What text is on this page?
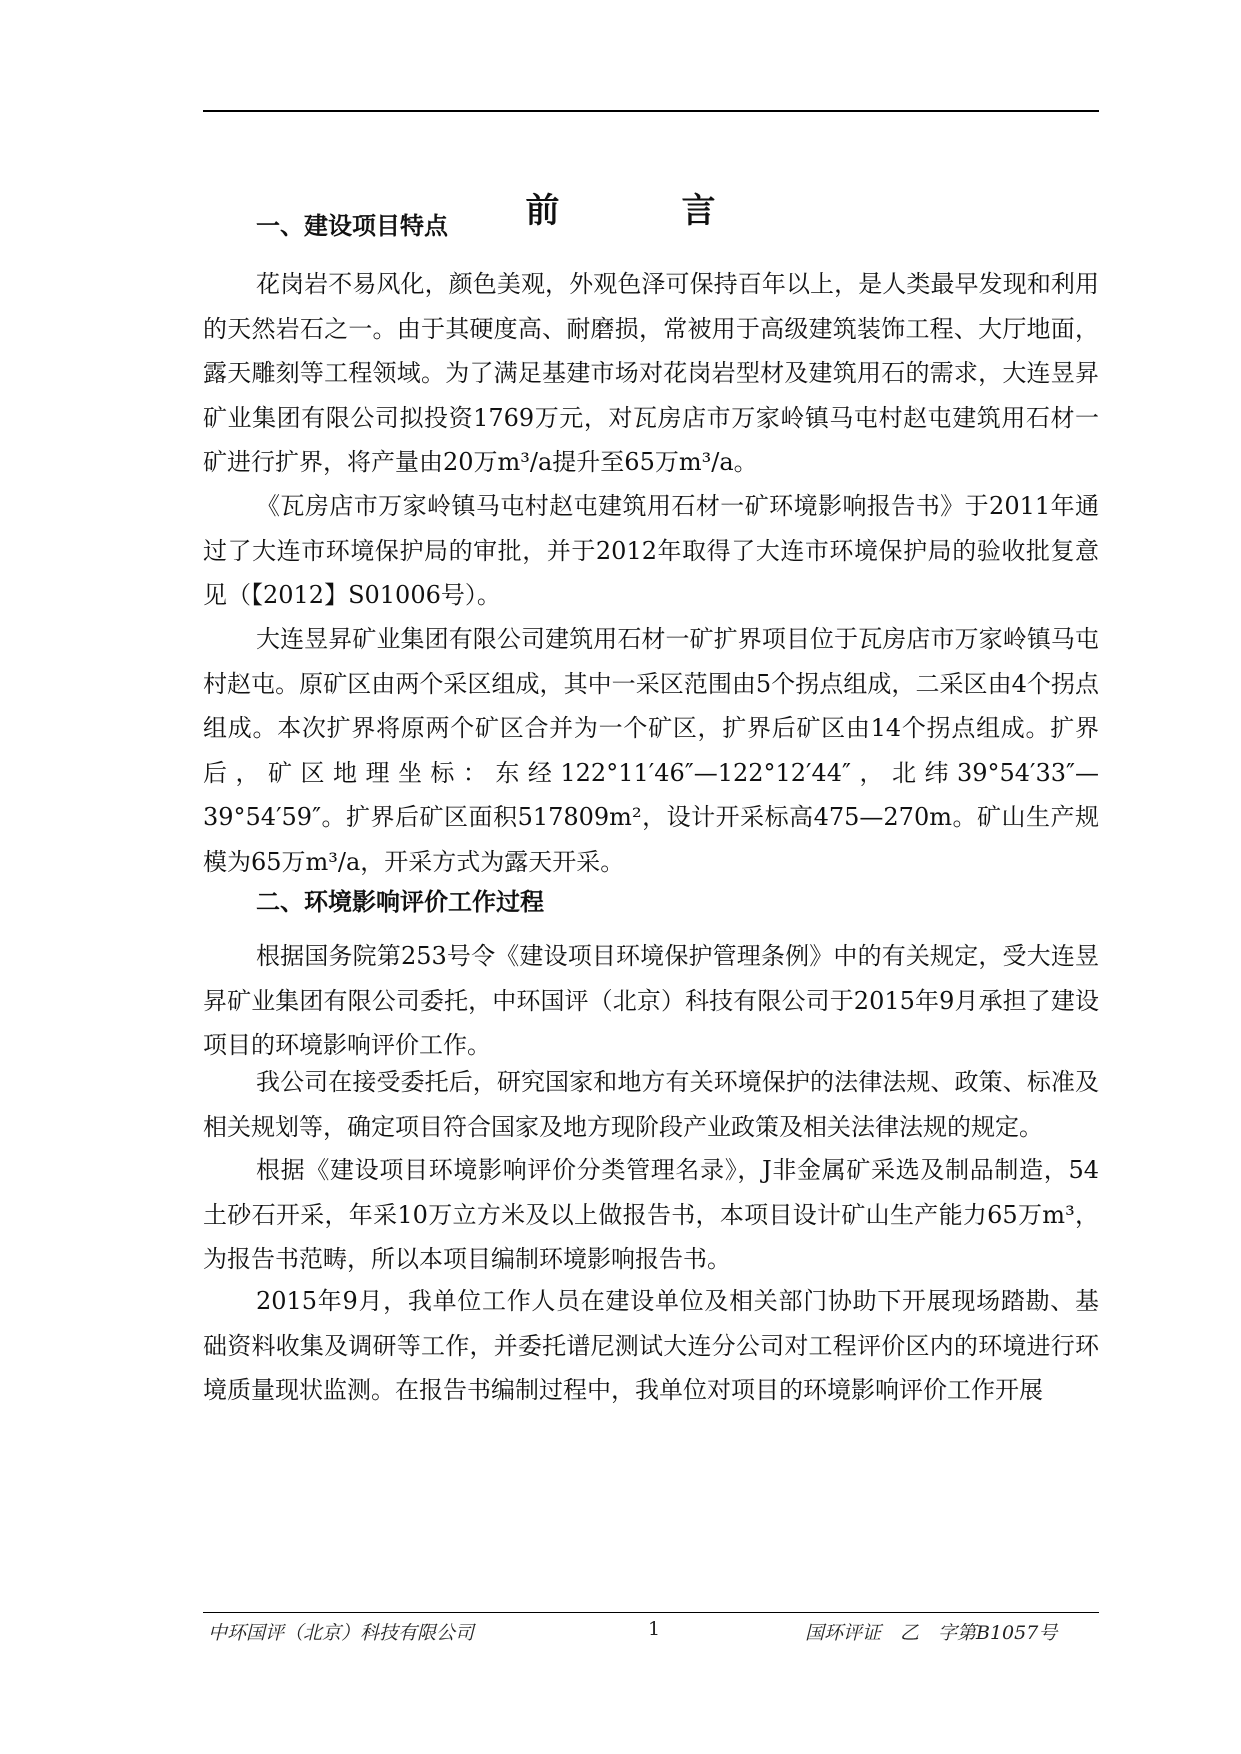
前　言
一、建设项目特点

花岗岩不易风化，颜色美观，外观色泽可保持百年以上，是人类最早发现和利用的天然岩石之一。由于其硬度高、耐磨损，常被用于高级建筑装饰工程、大厅地面，露天雕刻等工程领域。为了满足基建市场对花岗岩型材及建筑用石的需求，大连昱昇矿业集团有限公司拟投资1769万元，对瓦房店市万家岭镇马屯村赵屯建筑用石材一矿进行扩界，将产量由20万m³/a提升至65万m³/a。

《瓦房店市万家岭镇马屯村赵屯建筑用石材一矿环境影响报告书》于2011年通过了大连市环境保护局的审批，并于2012年取得了大连市环境保护局的验收批复意见（【2012】S01006号）。

大连昱昇矿业集团有限公司建筑用石材一矿扩界项目位于瓦房店市万家岭镇马屯村赵屯。原矿区由两个采区组成，其中一采区范围由5个拐点组成，二采区由4个拐点组成。本次扩界将原两个矿区合并为一个矿区，扩界后矿区由14个拐点组成。扩界后，矿区地理坐标：东经122°11′46″—122°12′44″，北纬39°54′33″—39°54′59″。扩界后矿区面积517809m²，设计开采标高475—270m。矿山生产规模为65万m³/a，开采方式为露天开采。

二、环境影响评价工作过程

根据国务院第253号令《建设项目环境保护管理条例》中的有关规定，受大连昱昇矿业集团有限公司委托，中环国评（北京）科技有限公司于2015年9月承担了建设项目的环境影响评价工作。

我公司在接受委托后，研究国家和地方有关环境保护的法律法规、政策、标准及相关规划等，确定项目符合国家及地方现阶段产业政策及相关法律法规的规定。

根据《建设项目环境影响评价分类管理名录》，J非金属矿采选及制品制造，54土砂石开采，年采10万立方米及以上做报告书，本项目设计矿山生产能力65万m³，为报告书范畴，所以本项目编制环境影响报告书。

2015年9月，我单位工作人员在建设单位及相关部门协助下开展现场踏勘、基础资料收集及调研等工作，并委托谱尼测试大连分公司对工程评价区内的环境进行环境质量现状监测。在报告书编制过程中，我单位对项目的环境影响评价工作开展

中环国评（北京）科技有限公司	1	国环评证　乙　字第B1057号
